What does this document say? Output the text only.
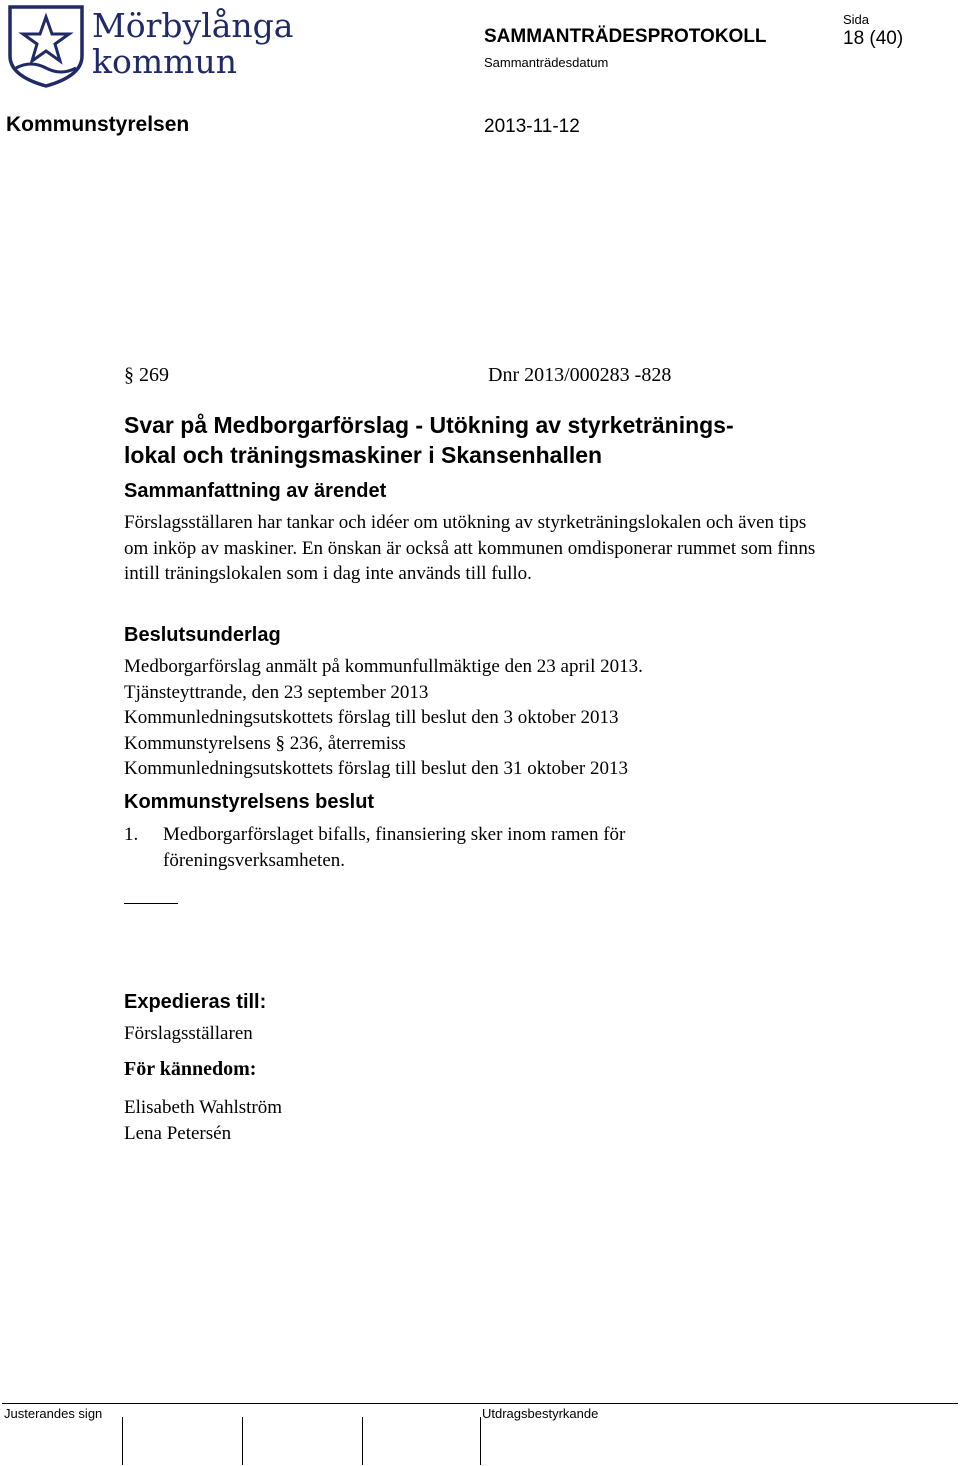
Mörbylånga
kommun
SAMMANTRÄDESPROTOKOLL
Sammanträdesdatum
Sida
18 (40)
Kommunstyrelsen	2013-11-12
§ 269	Dnr 2013/000283 -828
Svar på Medborgarförslag - Utökning av styrketränings-
lokal och träningsmaskiner i Skansenhallen
Sammanfattning av ärendet
Förslagsställaren har tankar och idéer om utökning av styrketräningslokalen och även tips om inköp av maskiner. En önskan är också att kommunen omdisponerar rummet som finns intill träningslokalen som i dag inte används till fullo.
Beslutsunderlag
Medborgarförslag anmält på kommunfullmäktige den 23 april 2013.
Tjänsteyttrande, den 23 september 2013
Kommunledningsutskottets förslag till beslut den 3 oktober 2013
Kommunstyrelsens § 236, återremiss
Kommunledningsutskottets förslag till beslut den 31 oktober 2013
Kommunstyrelsens beslut
1. Medborgarförslaget bifalls, finansiering sker inom ramen för föreningsverksamheten.
Expedieras till:
Förslagsställaren
För kännedom:
Elisabeth Wahlström
Lena Petersén
Justerandes sign	Utdragsbestyrkande
